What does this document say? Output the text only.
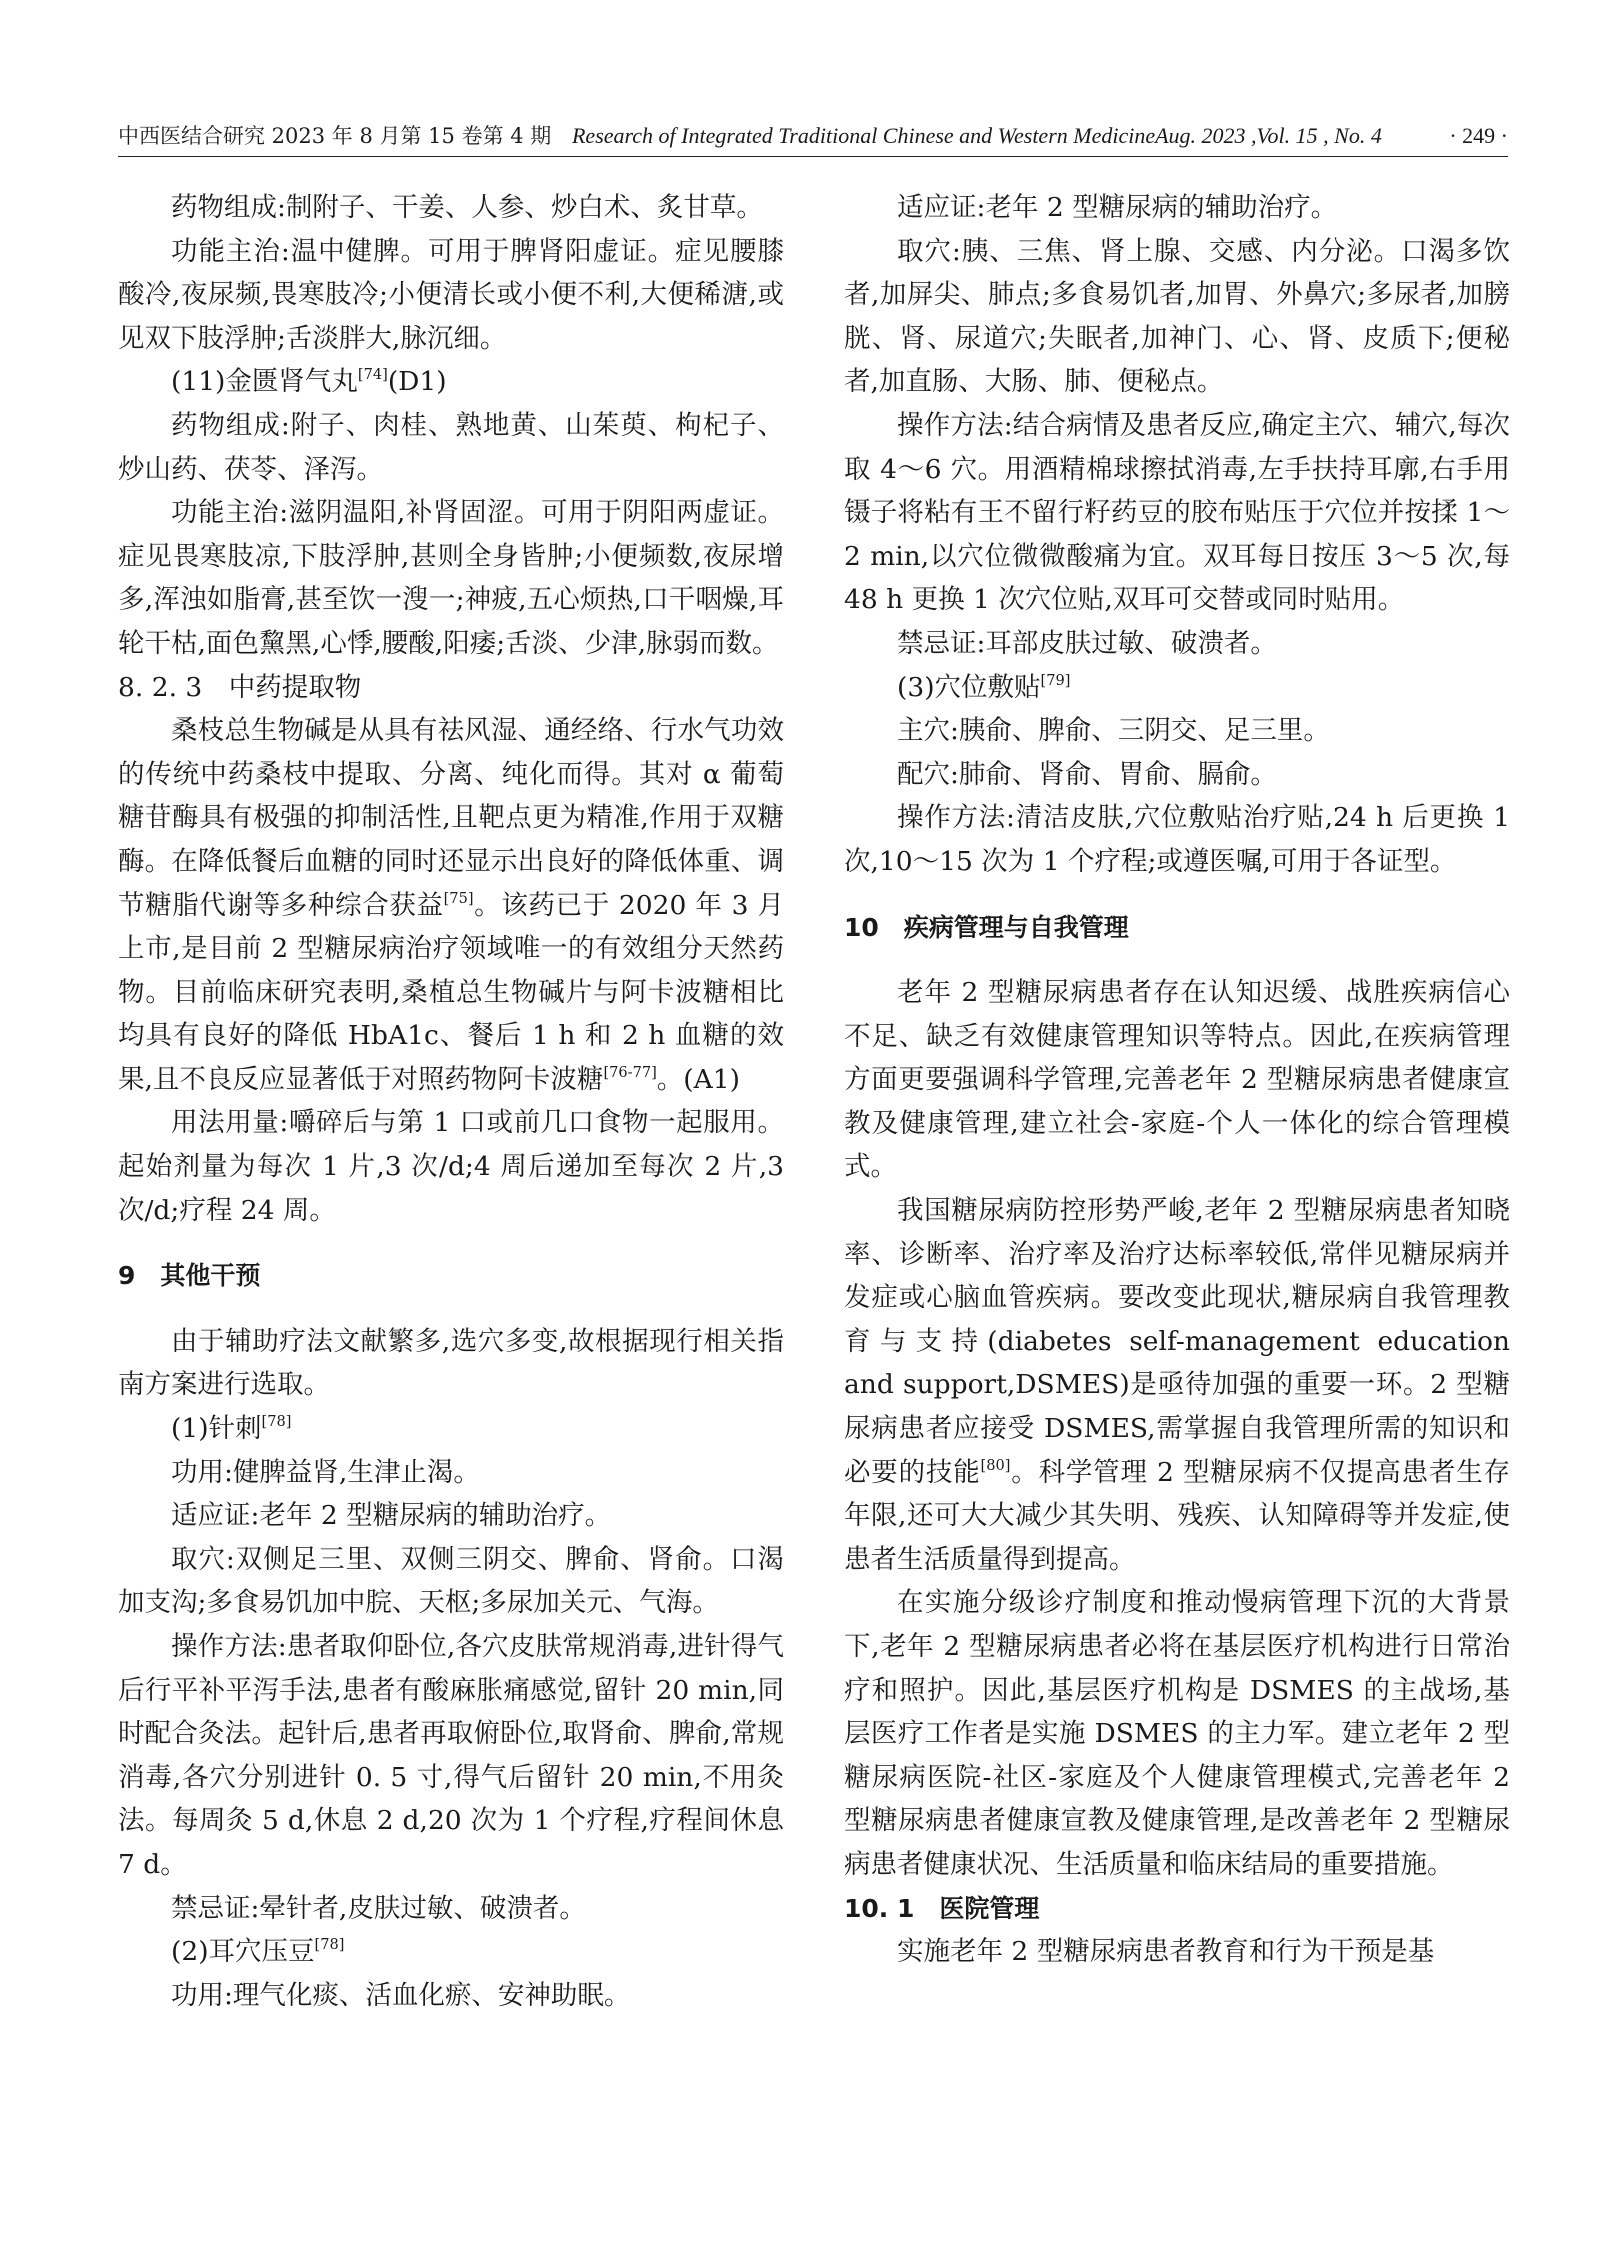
中西医结合研究 2023 年 8 月第 15 卷第 4 期 Research of Integrated Traditional Chinese and Western MedicineAug. 2023 ,Vol. 15 , No. 4	· 249 ·

药物组成:制附子、干姜、人参、炒白术、炙甘草。

功能主治:温中健脾。可用于脾肾阳虚证。症见腰膝酸冷,夜尿频,畏寒肢冷;小便清长或小便不利,大便稀溏,或见双下肢浮肿;舌淡胖大,脉沉细。

(11)金匮肾气丸[74](D1)

药物组成:附子、肉桂、熟地黄、山茱萸、枸杞子、炒山药、茯苓、泽泻。

功能主治:滋阴温阳,补肾固涩。可用于阴阳两虚证。症见畏寒肢凉,下肢浮肿,甚则全身皆肿;小便频数,夜尿增多,浑浊如脂膏,甚至饮一溲一;神疲,五心烦热,口干咽燥,耳轮干枯,面色黧黑,心悸,腰酸,阳痿;舌淡、少津,脉弱而数。

8. 2. 3　中药提取物

桑枝总生物碱是从具有祛风湿、通经络、行水气功效的传统中药桑枝中提取、分离、纯化而得。其对 α 葡萄糖苷酶具有极强的抑制活性,且靶点更为精准,作用于双糖酶。在降低餐后血糖的同时还显示出良好的降低体重、调节糖脂代谢等多种综合获益[75]。该药已于 2020 年 3 月上市,是目前 2 型糖尿病治疗领域唯一的有效组分天然药物。目前临床研究表明,桑植总生物碱片与阿卡波糖相比均具有良好的降低 HbA1c、餐后 1 h 和 2 h 血糖的效果,且不良反应显著低于对照药物阿卡波糖[76-77]。(A1)

用法用量:嚼碎后与第 1 口或前几口食物一起服用。起始剂量为每次 1 片,3 次/d;4 周后递加至每次 2 片,3 次/d;疗程 24 周。

9　其他干预

由于辅助疗法文献繁多,选穴多变,故根据现行相关指南方案进行选取。

(1)针刺[78]

功用:健脾益肾,生津止渴。

适应证:老年 2 型糖尿病的辅助治疗。

取穴:双侧足三里、双侧三阴交、脾俞、肾俞。口渴加支沟;多食易饥加中脘、天枢;多尿加关元、气海。

操作方法:患者取仰卧位,各穴皮肤常规消毒,进针得气后行平补平泻手法,患者有酸麻胀痛感觉,留针 20 min,同时配合灸法。起针后,患者再取俯卧位,取肾俞、脾俞,常规消毒,各穴分别进针 0. 5 寸,得气后留针 20 min,不用灸法。每周灸 5 d,休息 2 d,20 次为 1 个疗程,疗程间休息 7 d。

禁忌证:晕针者,皮肤过敏、破溃者。

(2)耳穴压豆[78]

功用:理气化痰、活血化瘀、安神助眠。

适应证:老年 2 型糖尿病的辅助治疗。

取穴:胰、三焦、肾上腺、交感、内分泌。口渴多饮者,加屏尖、肺点;多食易饥者,加胃、外鼻穴;多尿者,加膀胱、肾、尿道穴;失眠者,加神门、心、肾、皮质下;便秘者,加直肠、大肠、肺、便秘点。

操作方法:结合病情及患者反应,确定主穴、辅穴,每次取 4～6 穴。用酒精棉球擦拭消毒,左手扶持耳廓,右手用镊子将粘有王不留行籽药豆的胶布贴压于穴位并按揉 1～2 min,以穴位微微酸痛为宜。双耳每日按压 3～5 次,每 48 h 更换 1 次穴位贴,双耳可交替或同时贴用。

禁忌证:耳部皮肤过敏、破溃者。

(3)穴位敷贴[79]

主穴:胰俞、脾俞、三阴交、足三里。

配穴:肺俞、肾俞、胃俞、膈俞。

操作方法:清洁皮肤,穴位敷贴治疗贴,24 h 后更换 1 次,10～15 次为 1 个疗程;或遵医嘱,可用于各证型。

10　疾病管理与自我管理

老年 2 型糖尿病患者存在认知迟缓、战胜疾病信心不足、缺乏有效健康管理知识等特点。因此,在疾病管理方面更要强调科学管理,完善老年 2 型糖尿病患者健康宣教及健康管理,建立社会-家庭-个人一体化的综合管理模式。

我国糖尿病防控形势严峻,老年 2 型糖尿病患者知晓率、诊断率、治疗率及治疗达标率较低,常伴见糖尿病并发症或心脑血管疾病。要改变此现状,糖尿病自我管理教育与支持(diabetes self-management education and support,DSMES)是亟待加强的重要一环。2 型糖尿病患者应接受 DSMES,需掌握自我管理所需的知识和必要的技能[80]。科学管理 2 型糖尿病不仅提高患者生存年限,还可大大减少其失明、残疾、认知障碍等并发症,使患者生活质量得到提高。

在实施分级诊疗制度和推动慢病管理下沉的大背景下,老年 2 型糖尿病患者必将在基层医疗机构进行日常治疗和照护。因此,基层医疗机构是 DSMES 的主战场,基层医疗工作者是实施 DSMES 的主力军。建立老年 2 型糖尿病医院-社区-家庭及个人健康管理模式,完善老年 2 型糖尿病患者健康宣教及健康管理,是改善老年 2 型糖尿病患者健康状况、生活质量和临床结局的重要措施。

10. 1　医院管理

实施老年 2 型糖尿病患者教育和行为干预是基
